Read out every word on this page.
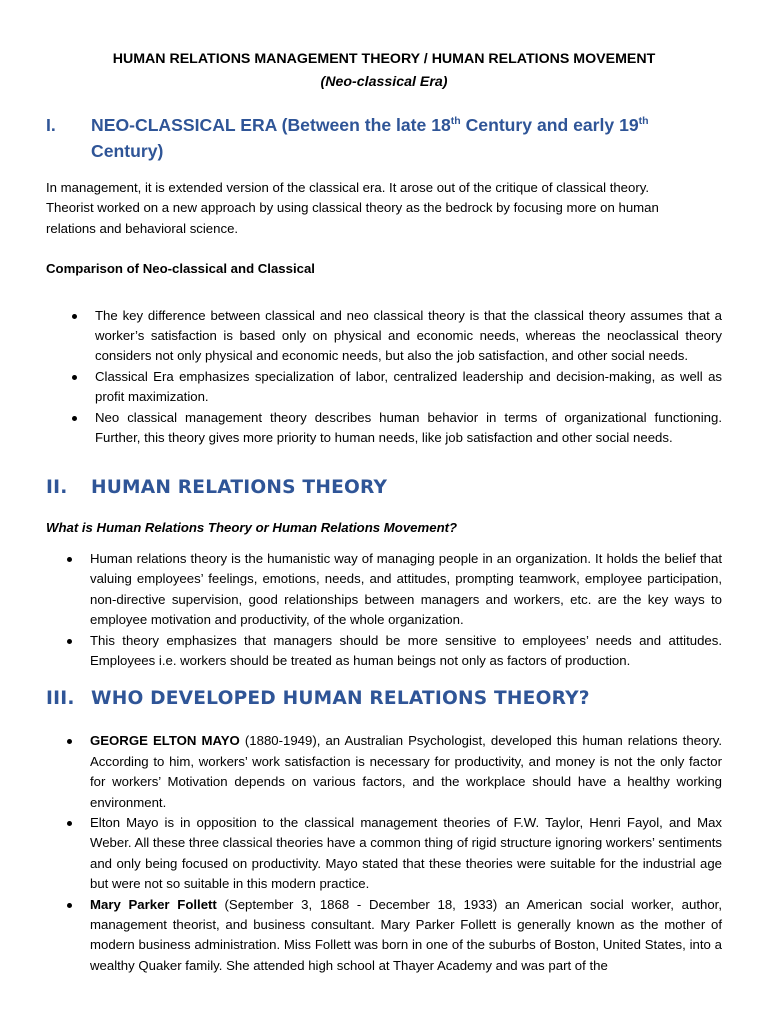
HUMAN RELATIONS MANAGEMENT THEORY / HUMAN RELATIONS MOVEMENT

(Neo-classical Era)

I.	NEO-CLASSICAL ERA (Between the late 18th Century and early 19th Century)

In management, it is extended version of the classical era. It arose out of the critique of classical theory.
Theorist worked on a new approach by using classical theory as the bedrock by focusing more on human
relations and behavioral science.

Comparison of Neo-classical and Classical

The key difference between classical and neo classical theory is that the classical theory assumes that a worker’s satisfaction is based only on physical and economic needs, whereas the neoclassical theory considers not only physical and economic needs, but also the job satisfaction, and other social needs.
Classical Era emphasizes specialization of labor, centralized leadership and decision-making, as well as profit maximization.
Neo classical management theory describes human behavior in terms of organizational functioning. Further, this theory gives more priority to human needs, like job satisfaction and other social needs.
II.	HUMAN RELATIONS THEORY

What is Human Relations Theory or Human Relations Movement?

Human relations theory is the humanistic way of managing people in an organization. It holds the belief that valuing employees’ feelings, emotions, needs, and attitudes, prompting teamwork, employee participation, non-directive supervision, good relationships between managers and workers, etc. are the key ways to employee motivation and productivity, of the whole organization.
This theory emphasizes that managers should be more sensitive to employees’ needs and attitudes. Employees i.e. workers should be treated as human beings not only as factors of production.
III. WHO DEVELOPED HUMAN RELATIONS THEORY?
GEORGE ELTON MAYO (1880-1949), an Australian Psychologist, developed this human relations theory. According to him, workers’ work satisfaction is necessary for productivity, and money is not the only factor for workers’ Motivation depends on various factors, and the workplace should have a healthy working environment.
Elton Mayo is in opposition to the classical management theories of F.W. Taylor, Henri Fayol, and Max Weber. All these three classical theories have a common thing of rigid structure ignoring workers’ sentiments and only being focused on productivity. Mayo stated that these theories were suitable for the industrial age but were not so suitable in this modern practice.
Mary Parker Follett (September 3, 1868 - December 18, 1933) an American social worker, author, management theorist, and business consultant. Mary Parker Follett is generally known as the mother of modern business administration. Miss Follett was born in one of the suburbs of Boston, United States, into a wealthy Quaker family. She attended high school at Thayer Academy and was part of the
